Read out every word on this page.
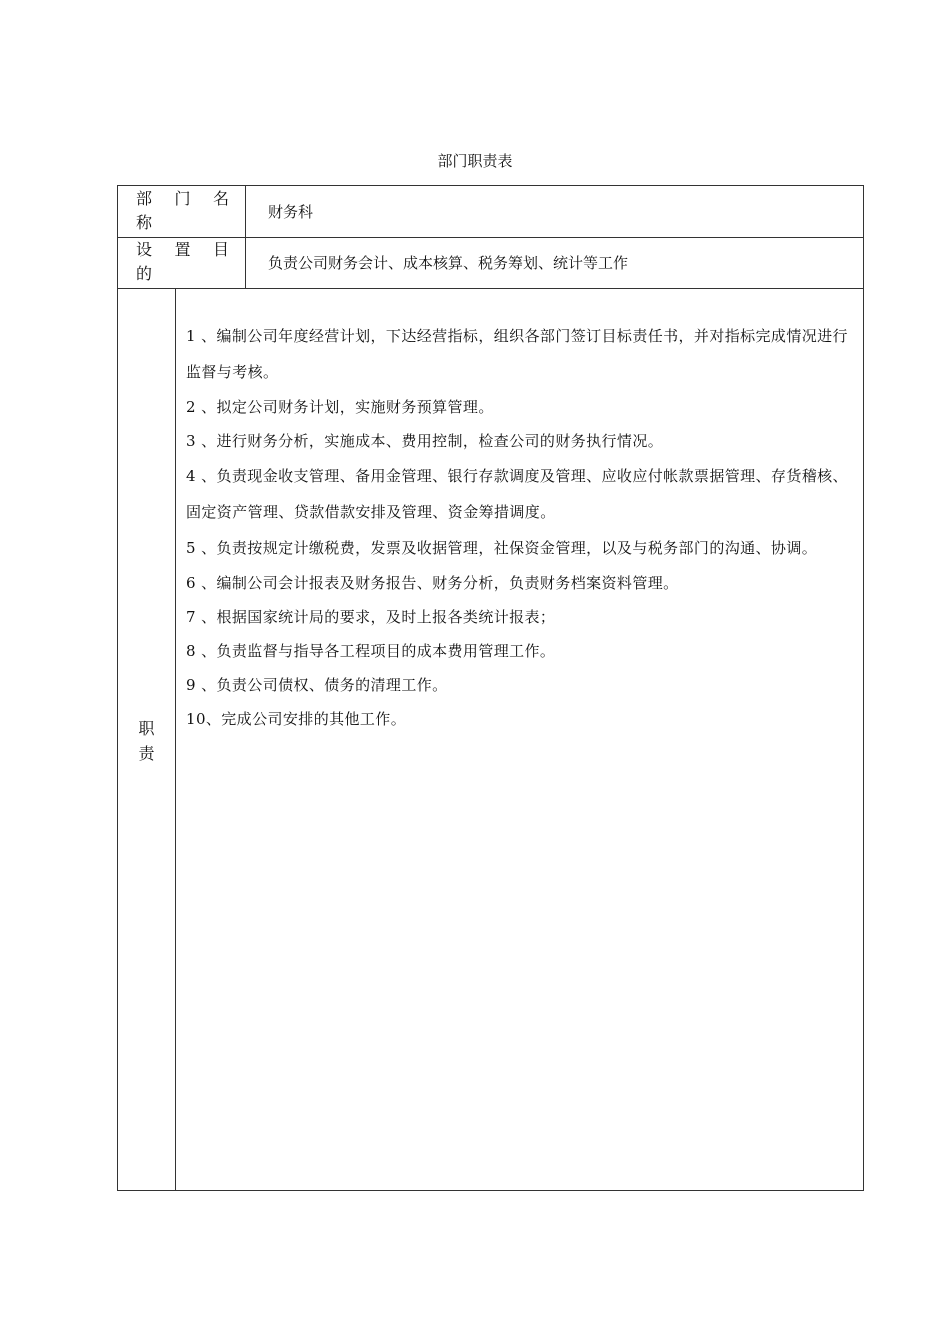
部门职责表
部 门 名
称
财务科
设 置 目
的
负责公司财务会计、成本核算、税务筹划、统计等工作
职
责
1 、编制公司年度经营计划，下达经营指标，组织各部门签订目标责任书，并对指标完成情况进行监督与考核。
2 、拟定公司财务计划，实施财务预算管理。
3 、进行财务分析，实施成本、费用控制，检查公司的财务执行情况。
4 、负责现金收支管理、备用金管理、银行存款调度及管理、应收应付帐款票据管理、存货稽核、固定资产管理、贷款借款安排及管理、资金筹措调度。
5 、负责按规定计缴税费，发票及收据管理，社保资金管理，以及与税务部门的沟通、协调。
6 、编制公司会计报表及财务报告、财务分析，负责财务档案资料管理。
7 、根据国家统计局的要求，及时上报各类统计报表；
8 、负责监督与指导各工程项目的成本费用管理工作。
9 、负责公司债权、债务的清理工作。
10、完成公司安排的其他工作。
